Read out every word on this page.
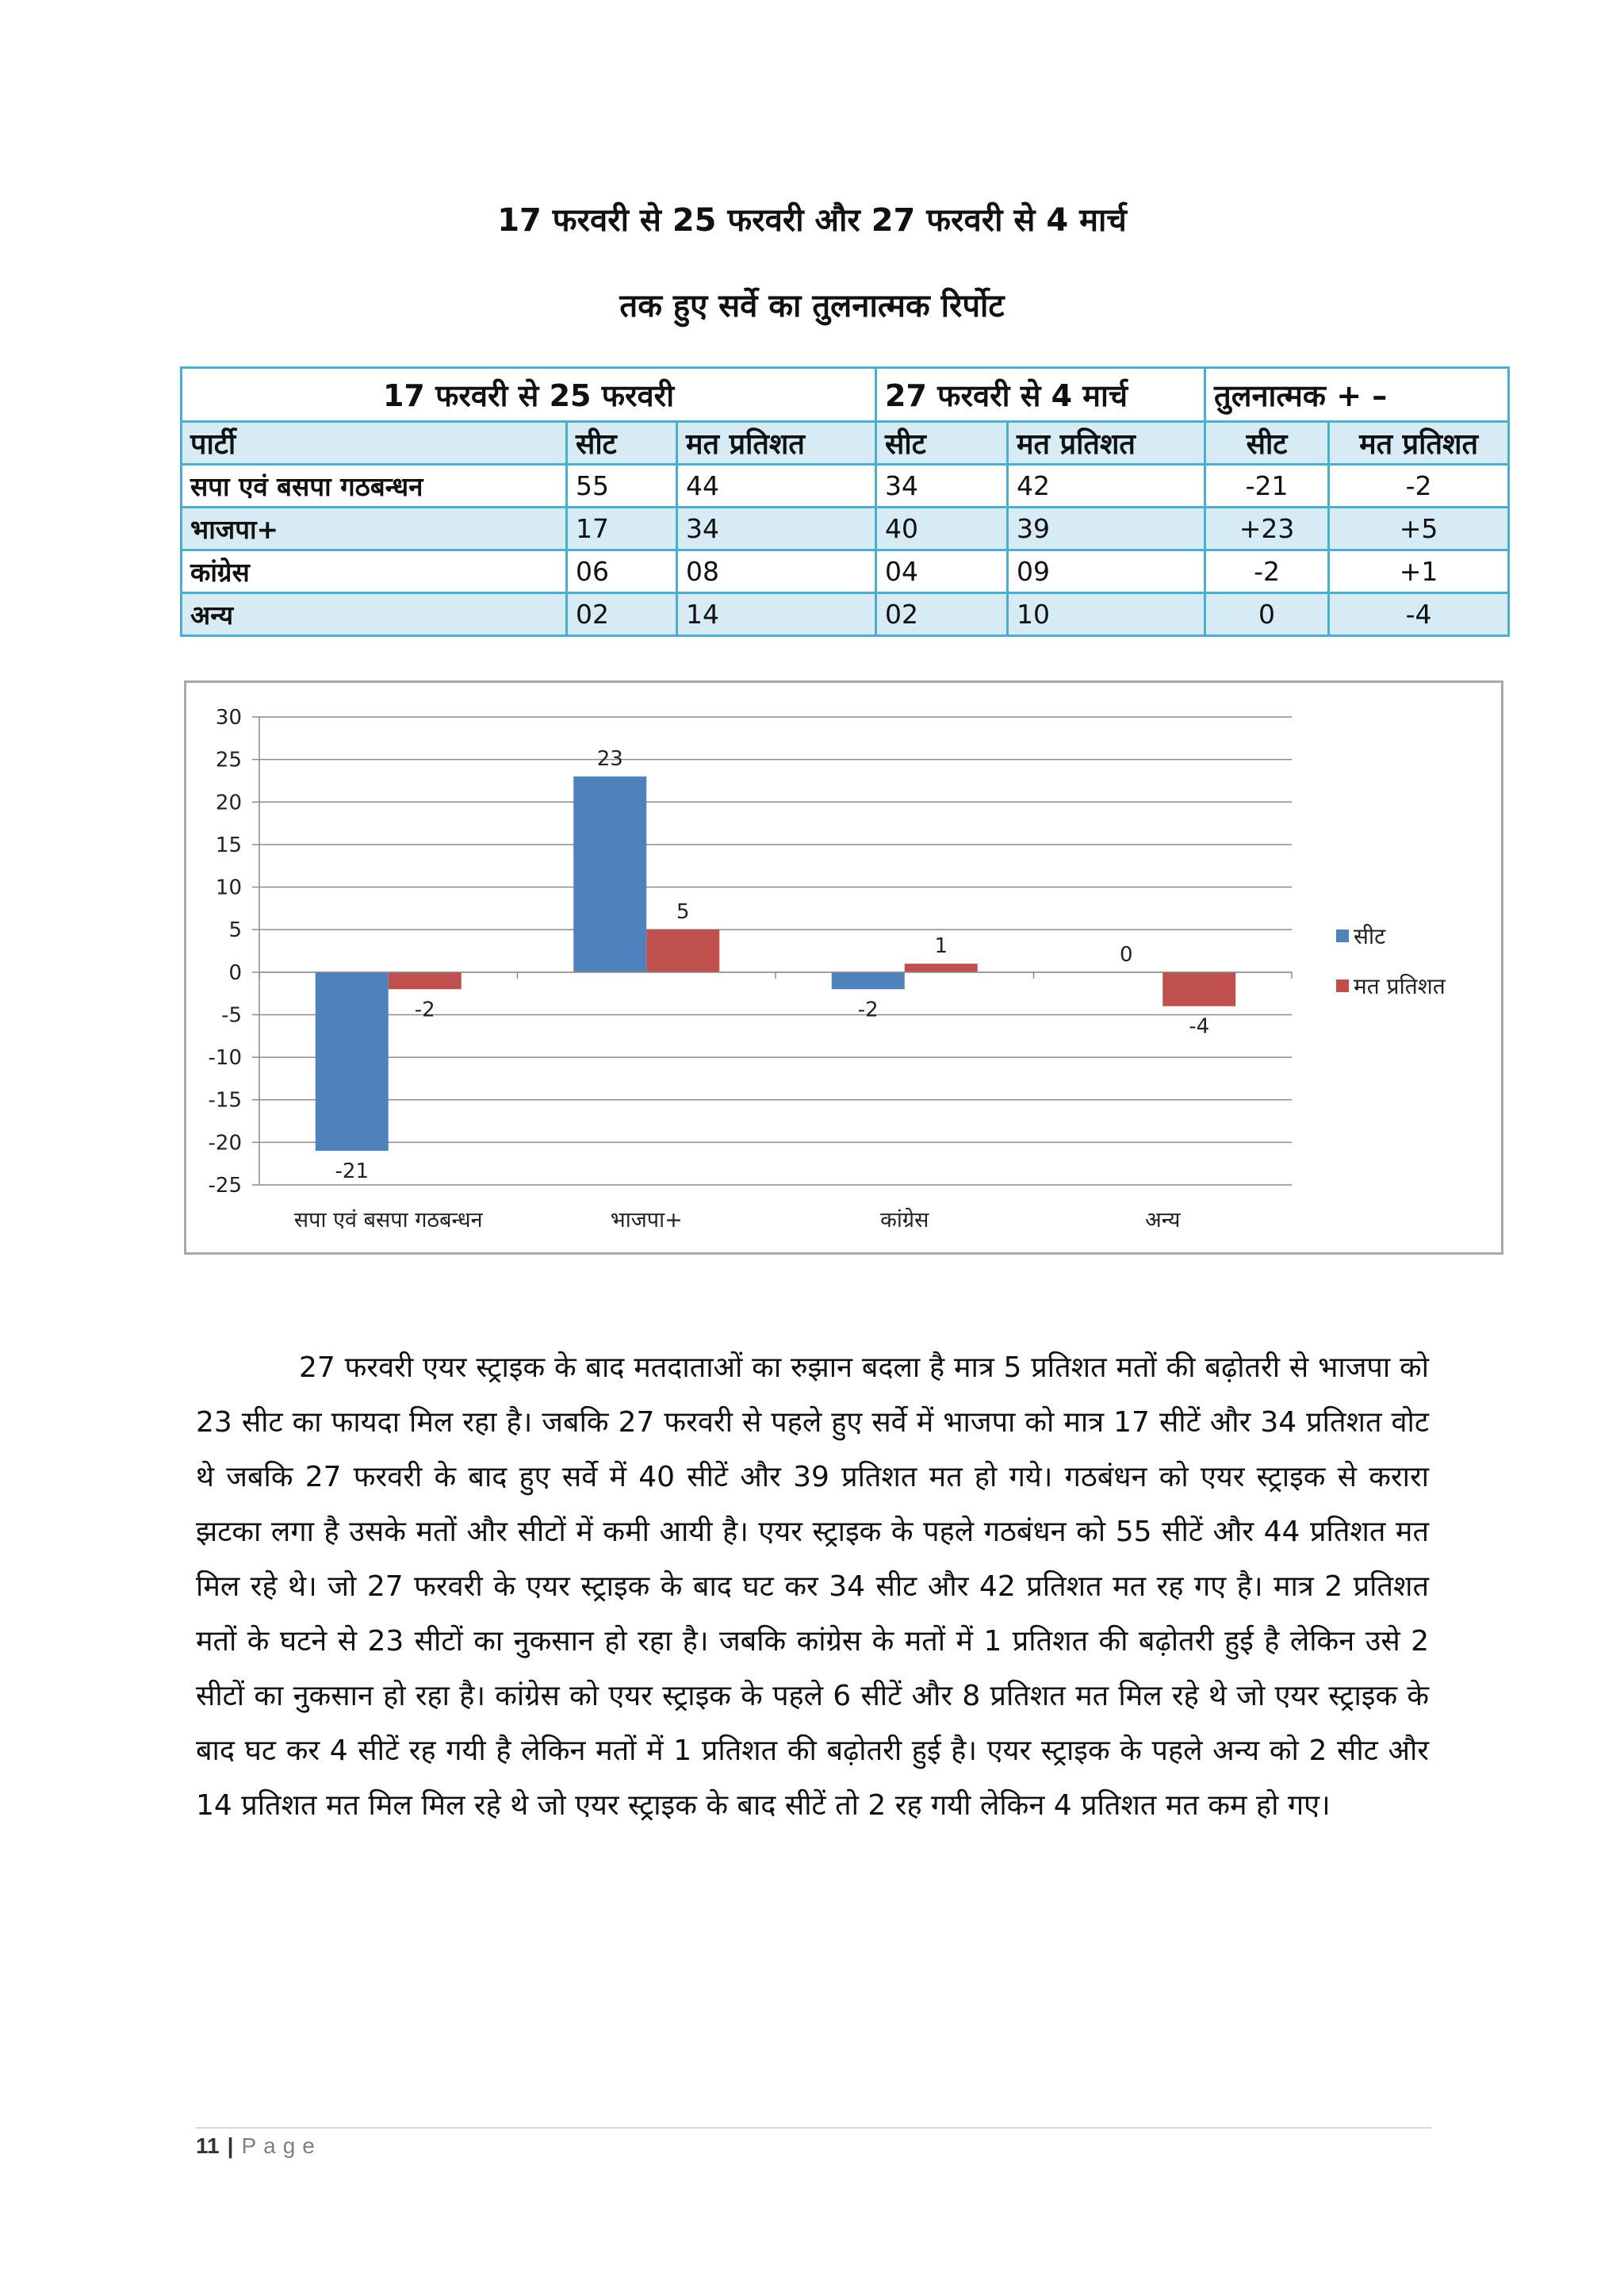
17 फरवरी से 25 फरवरी और 27 फरवरी से 4 मार्च
तक हुए सर्वे का तुलनात्मक रिर्पोट
17 फरवरी से 25 फरवरी			27 फरवरी से 4 मार्च		तुलनात्मक + –	
पार्टी	सीट	मत प्रतिशत	सीट	मत प्रतिशत	सीट	मत प्रतिशत
सपा एवं बसपा गठबन्धन	55	44	34	42	-21	-2
भाजपा+	17	34	40	39	+23	+5
कांग्रेस	06	08	04	09	-2	+1
अन्य	02	14	02	10	0	-4
30
25
20
15
10
5
0
-5
-10
-15
-20
-25
-21
-2
सपा एवं बसपा गठबन्धन
23
5
भाजपा+
-2
1
कांग्रेस
0
-4
अन्य
सीट
मत प्रतिशत

27 फरवरी एयर स्ट्राइक के बाद मतदाताओं का रुझान बदला है मात्र 5 प्रतिशत मतों की बढ़ोतरी से भाजपा को 23 सीट का फायदा मिल रहा है। जबकि 27 फरवरी से पहले हुए सर्वे में भाजपा को मात्र 17 सीटें और 34 प्रतिशत वोट थे जबकि 27 फरवरी के बाद हुए सर्वे में 40 सीटें और 39 प्रतिशत मत हो गये। गठबंधन को एयर स्ट्राइक से करारा झटका लगा है उसके मतों और सीटों में कमी आयी है। एयर स्ट्राइक के पहले गठबंधन को 55 सीटें और 44 प्रतिशत मत मिल रहे थे। जो 27 फरवरी के एयर स्ट्राइक के बाद घट कर 34 सीट और 42 प्रतिशत मत रह गए है। मात्र 2 प्रतिशत मतों के घटने से 23 सीटों का नुकसान हो रहा है। जबकि कांग्रेस के मतों में 1 प्रतिशत की बढ़ोतरी हुई है लेकिन उसे 2 सीटों का नुकसान हो रहा है। कांग्रेस को एयर स्ट्राइक के पहले 6 सीटें और 8 प्रतिशत मत मिल रहे थे जो एयर स्ट्राइक के बाद घट कर 4 सीटें रह गयी है लेकिन मतों में 1 प्रतिशत की बढ़ोतरी हुई है। एयर स्ट्राइक के पहले अन्य को 2 सीट और 14 प्रतिशत मत मिल मिल रहे थे जो एयर स्ट्राइक के बाद सीटें तो 2 रह गयी लेकिन 4 प्रतिशत मत कम हो गए।

11 | Page
